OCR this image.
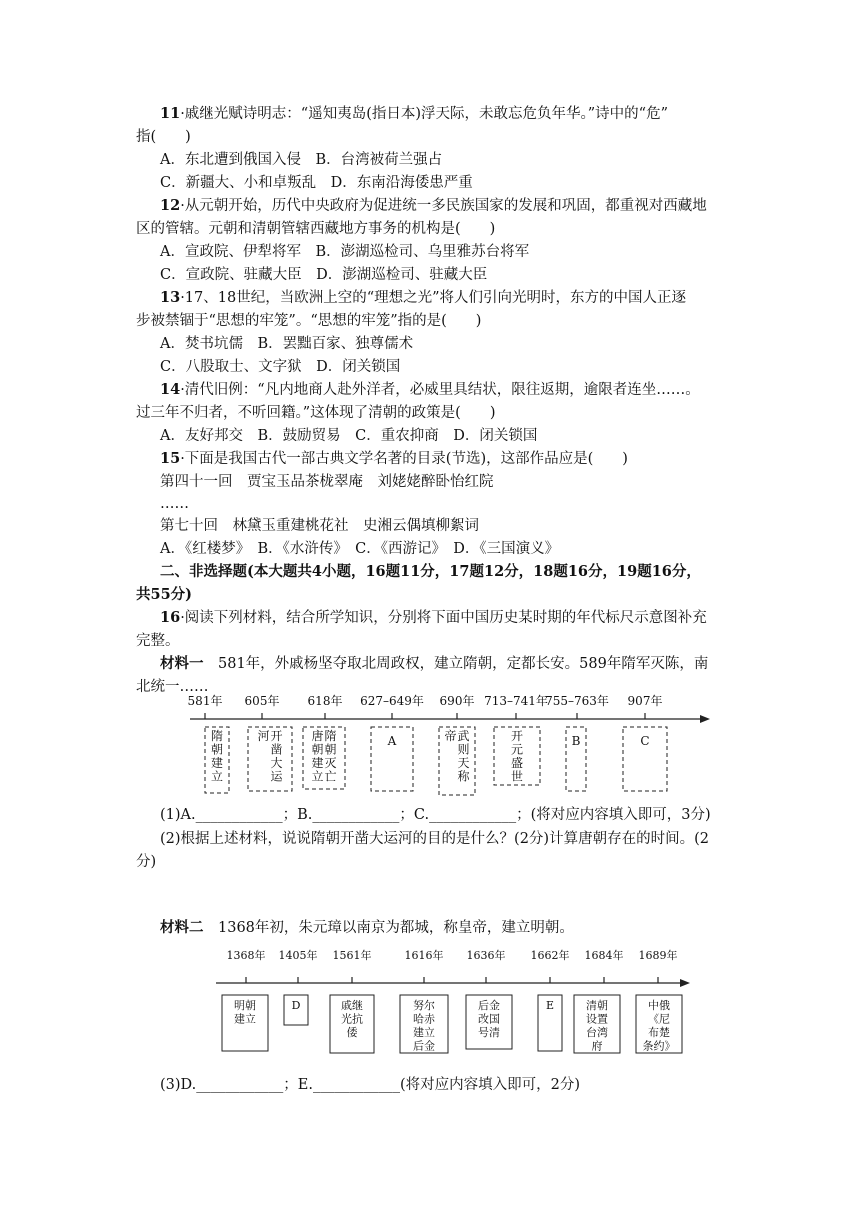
11·戚继光赋诗明志：“遥知夷岛(指日本)浮天际，未敢忘危负年华。”诗中的“危”
指(　　)
A．东北遭到俄国入侵　B．台湾被荷兰强占
C．新疆大、小和卓叛乱　D．东南沿海倭患严重
12·从元朝开始，历代中央政府为促进统一多民族国家的发展和巩固，都重视对西藏地
区的管辖。元朝和清朝管辖西藏地方事务的机构是(　　)
A．宣政院、伊犁将军　B．澎湖巡检司、乌里雅苏台将军
C．宣政院、驻藏大臣　D．澎湖巡检司、驻藏大臣
13·17、18世纪，当欧洲上空的“理想之光”将人们引向光明时，东方的中国人正逐
步被禁锢于“思想的牢笼”。“思想的牢笼”指的是(　　)
A．焚书坑儒　B．罢黜百家、独尊儒术
C．八股取士、文字狱　D．闭关锁国
14·清代旧例：“凡内地商人赴外洋者，必威里具结状，限往返期，逾限者连坐……。
过三年不归者，不听回籍。”这体现了清朝的政策是(　　)
A．友好邦交　B．鼓励贸易　C．重农抑商　D．闭关锁国
15·下面是我国古代一部古典文学名著的目录(节选)，这部作品应是(　　)
第四十一回　贾宝玉品茶栊翠庵　刘姥姥醉卧怡红院
……
第七十回　林黛玉重建桃花社　史湘云偶填柳絮词
A．《红楼梦》　B．《水浒传》　C．《西游记》　D．《三国演义》
二、非选择题(本大题共4小题，16题11分，17题12分，18题16分，19题16分，
共55分)
16·阅读下列材料，结合所学知识，分别将下面中国历史某时期的年代标尺示意图补充
完整。
材料一　 581年，外戚杨坚夺取北周政权，建立隋朝，定都长安。589年隋军灭陈，南
北统一……
581年
隋
朝
建
立
605年
开
凿
大
运
河
618年
隋
朝
灭
亡
唐
朝
建
立
627–649年
A
690年
武
则
天
称
帝
713–741年
开
元
盛
世
755–763年
B
907年
C
(1)A.____________；B.____________；C.____________；(将对应内容填入即可，3分)
(2)根据上述材料，说说隋朝开凿大运河的目的是什么？(2分)计算唐朝存在的时间。(2
分)
材料二　 1368年初，朱元璋以南京为都城，称皇帝，建立明朝。
1368年
明朝
建立
1405年
D
1561年
戚继
光抗
倭
1616年
努尔
哈赤
建立
后金
1636年
后金
改国
号清
1662年
E
1684年
清朝
设置
台湾
府
1689年
中俄
《尼
布楚
条约》
(3)D.____________；E.____________(将对应内容填入即可，2分)
